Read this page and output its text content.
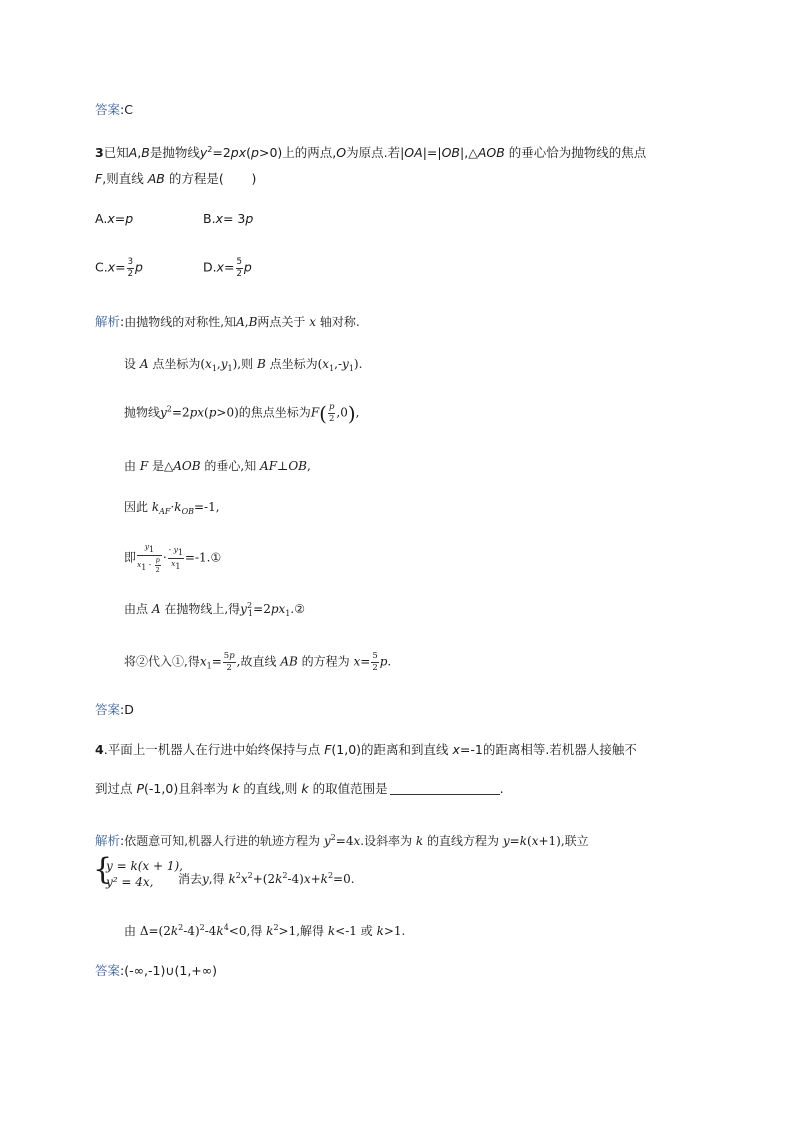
答案:C
3已知A,B是抛物线$y^2=2px(p>0)$上的两点,O为原点.若|OA|=|OB|,△AOB 的垂心恰为抛物线的焦点
F,则直线 AB 的方程是( )
A.x=p	B.x= 3p
$C.x= \frac{3}{2}$ p	$D.x= \frac{5}{2}$ p
解析:由抛物线的对称性,知A,B两点关于 x 轴对称.
设 A 点坐标为$(x_1,y_1)$,则 B 点坐标为$(x_1,-y_1)$.
抛物线$y^2=2px(p>0)$的焦点坐标为$F( \frac{p}{2} ,0)$,
由 F 是△AOB 的垂心,知 AF⊥OB,
因此 $k_{AF}\cdot k_{OB}=-1$,
即 $\frac{y_1}{x_1 - \frac{p}{2}} \cdot \frac{- y_1}{x_1}$ =-1.①
由点 A 在抛物线上,得$y^2_1=2px_1.②$
将②代入①,得$x_1= \frac{5p}{2}$ ,故直线 AB 的方程为 $x= \frac{5}{2} p$.
答案:D
4.平面上一机器人在行进中始终保持与点 F(1,0)的距离和到直线 x=-1的距离相等.若机器人接触不
到过点 P(-1,0)且斜率为 k 的直线,则 k 的取值范围是	.
解析:依题意可知,机器人行进的轨迹方程为 $y^2=4x$.设斜率为 k 的直线方程为 y=k(x+1),联立
{
y = k(x + 1),
y² = 4x, 消去y,得 $k^2x^2+(2k^2-4)x+k^2=0$.
由 $\Delta=(2k^2-4)^2-4k^4<0$,得 $k^2>1$,解得 k<-1 或 k>1.
答案:(-∞,-1)∪(1,+∞)
